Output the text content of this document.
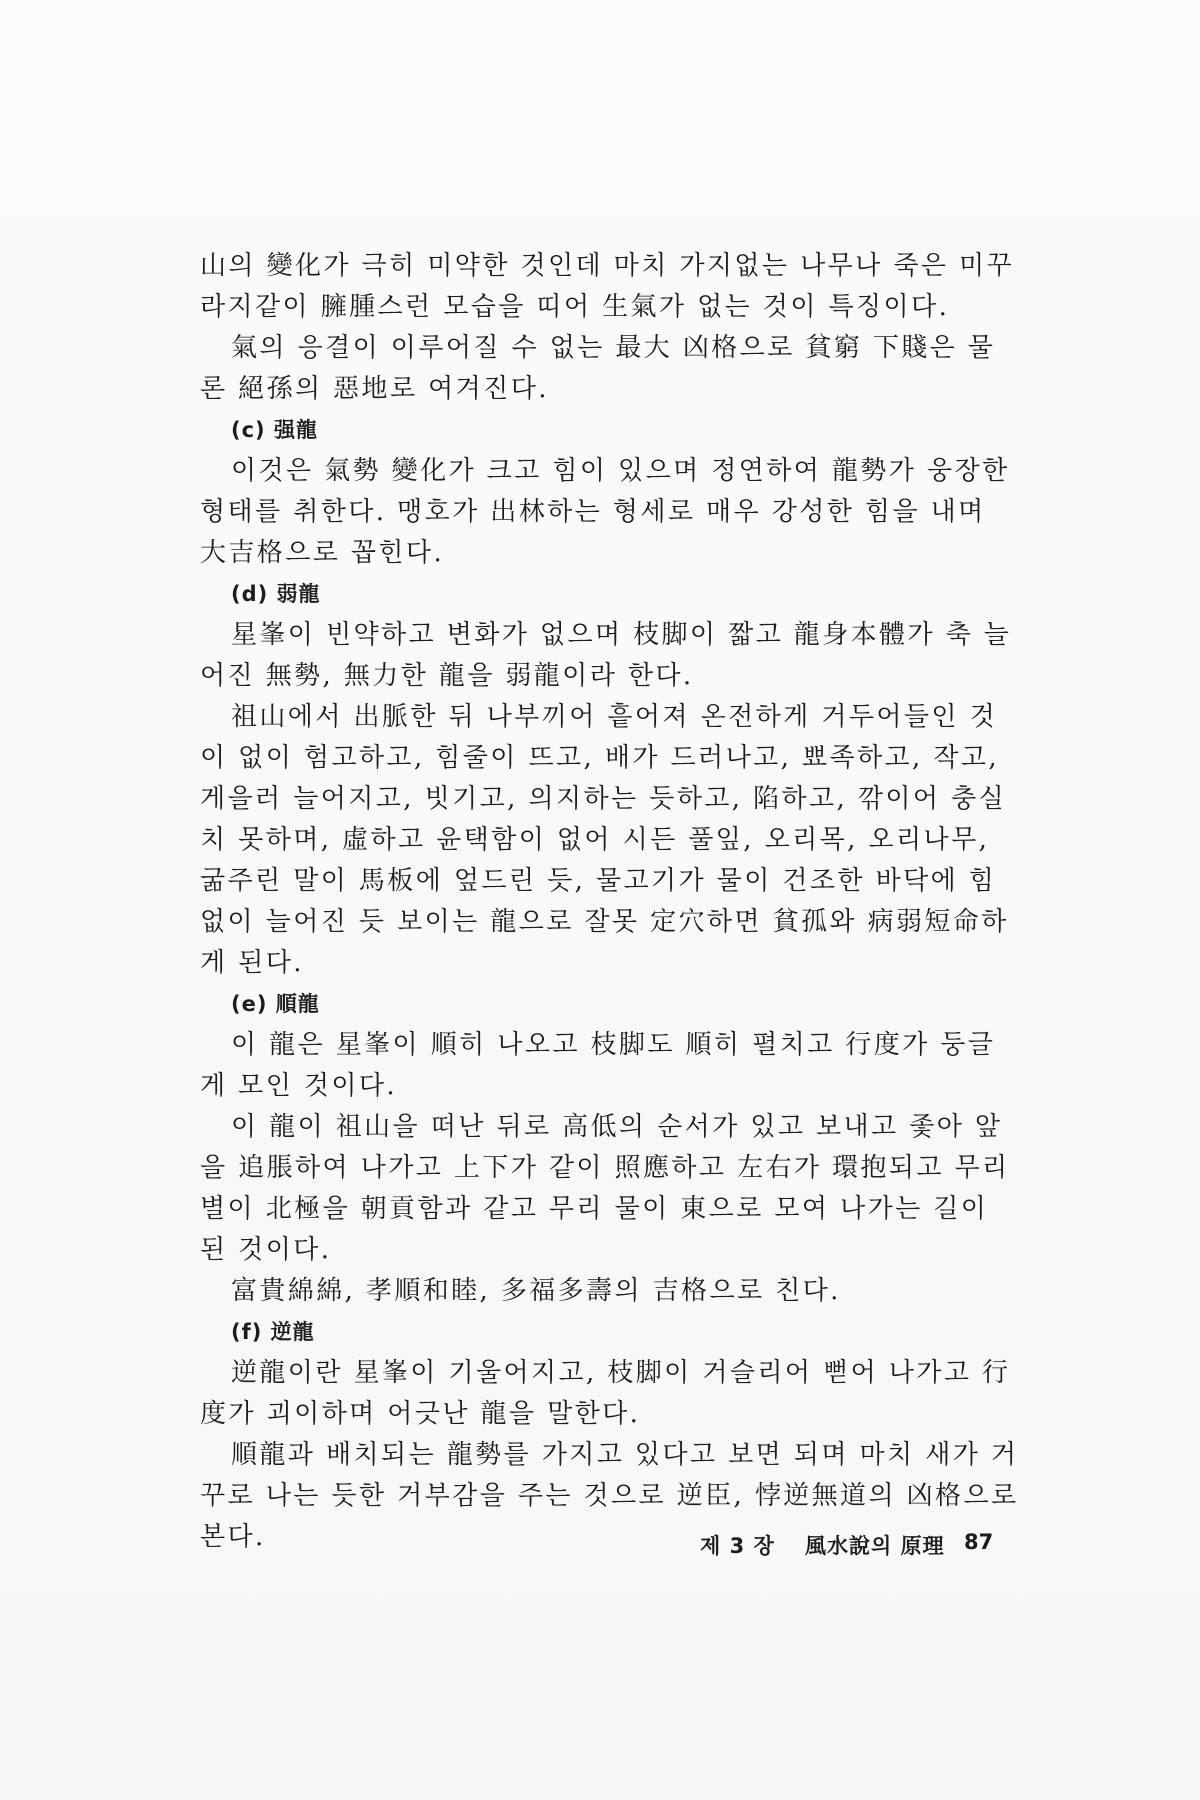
山의 變化가 극히 미약한 것인데 마치 가지없는 나무나 죽은 미꾸라지같이 臃腫스런 모습을 띠어 生氣가 없는 것이 특징이다.

氣의 응결이 이루어질 수 없는 最大 凶格으로 貧窮 下賤은 물론 絕孫의 惡地로 여겨진다.

(c) 强龍

이것은 氣勢 變化가 크고 힘이 있으며 정연하여 龍勢가 웅장한 형태를 취한다. 맹호가 出林하는 형세로 매우 강성한 힘을 내며 大吉格으로 꼽힌다.

(d) 弱龍

星峯이 빈약하고 변화가 없으며 枝脚이 짧고 龍身本體가 축 늘어진 無勢, 無力한 龍을 弱龍이라 한다.

祖山에서 出脈한 뒤 나부끼어 흩어져 온전하게 거두어들인 것이 없이 험고하고, 힘줄이 뜨고, 배가 드러나고, 뾰족하고, 작고, 게을러 늘어지고, 빗기고, 의지하는 듯하고, 陷하고, 깎이어 충실치 못하며, 虛하고 윤택함이 없어 시든 풀잎, 오리목, 오리나무, 굶주린 말이 馬板에 엎드린 듯, 물고기가 물이 건조한 바닥에 힘없이 늘어진 듯 보이는 龍으로 잘못 定穴하면 貧孤와 病弱短命하게 된다.

(e) 順龍

이 龍은 星峯이 順히 나오고 枝脚도 順히 펼치고 行度가 둥글게 모인 것이다.

이 龍이 祖山을 떠난 뒤로 高低의 순서가 있고 보내고 좇아 앞을 追脹하여 나가고 上下가 같이 照應하고 左右가 環抱되고 무리 별이 北極을 朝貢함과 같고 무리 물이 東으로 모여 나가는 길이 된 것이다.

富貴綿綿, 孝順和睦, 多福多壽의 吉格으로 친다.

(f) 逆龍

逆龍이란 星峯이 기울어지고, 枝脚이 거슬리어 뻗어 나가고 行度가 괴이하며 어긋난 龍을 말한다.

順龍과 배치되는 龍勢를 가지고 있다고 보면 되며 마치 새가 거꾸로 나는 듯한 거부감을 주는 것으로 逆臣, 悖逆無道의 凶格으로 본다.	제 3 장 風水說의 原理 87
